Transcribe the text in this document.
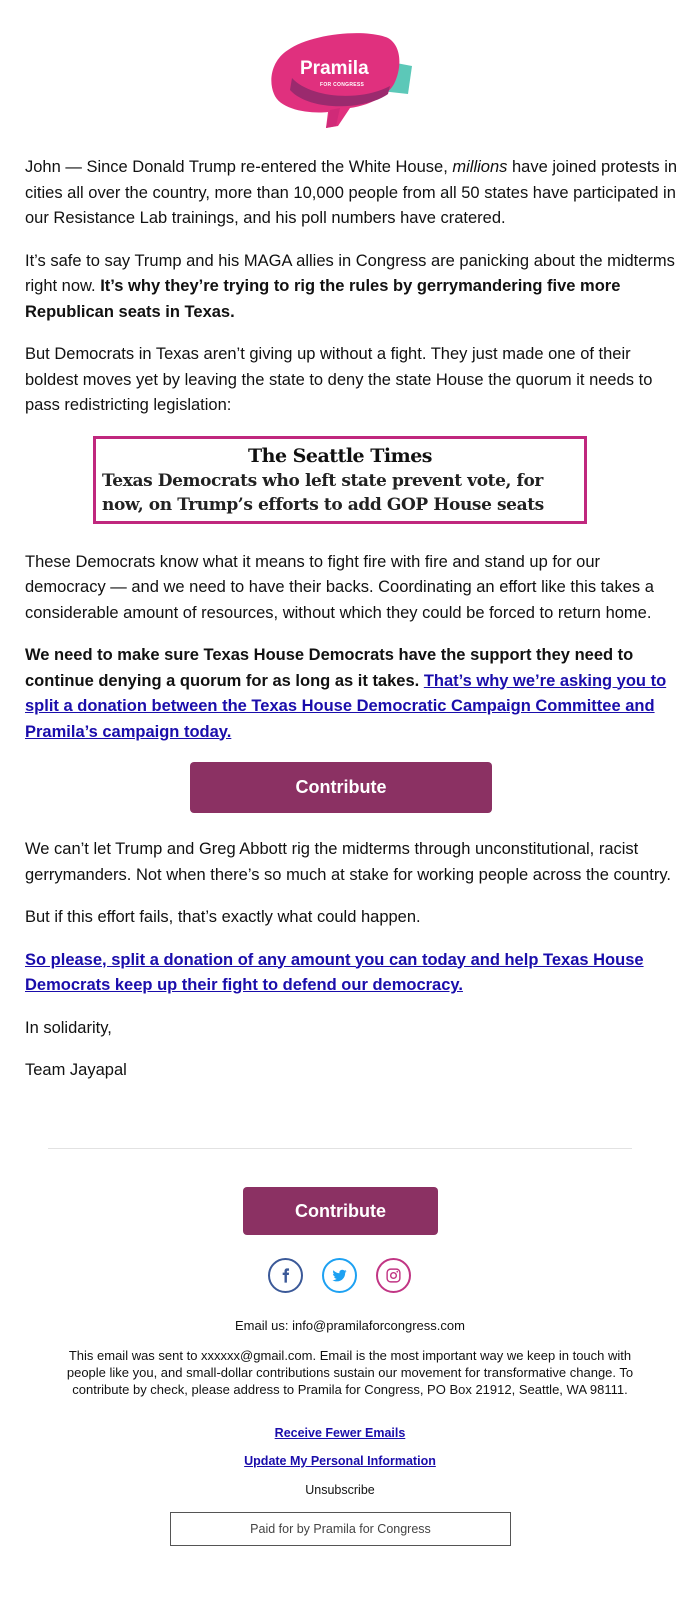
Pramila
FOR CONGRESS

John — Since Donald Trump re-entered the White House, millions have joined protests in cities all over the country, more than 10,000 people from all 50 states have participated in our Resistance Lab trainings, and his poll numbers have cratered.

It’s safe to say Trump and his MAGA allies in Congress are panicking about the midterms right now. It’s why they’re trying to rig the rules by gerrymandering five more Republican seats in Texas.

But Democrats in Texas aren’t giving up without a fight. They just made one of their boldest moves yet by leaving the state to deny the state House the quorum it needs to pass redistricting legislation:

The Seattle Times
Texas Democrats who left state prevent vote, for now, on Trump’s efforts to add GOP House seats

These Democrats know what it means to fight fire with fire and stand up for our democracy — and we need to have their backs. Coordinating an effort like this takes a considerable amount of resources, without which they could be forced to return home.

We need to make sure Texas House Democrats have the support they need to continue denying a quorum for as long as it takes. That’s why we’re asking you to split a donation between the Texas House Democratic Campaign Committee and Pramila’s campaign today.

Contribute

We can’t let Trump and Greg Abbott rig the midterms through unconstitutional, racist gerrymanders. Not when there’s so much at stake for working people across the country.

But if this effort fails, that’s exactly what could happen.

So please, split a donation of any amount you can today and help Texas House Democrats keep up their fight to defend our democracy.

In solidarity,

Team Jayapal

Contribute
Email us: info@pramilaforcongress.com
This email was sent to xxxxxx@gmail.com. Email is the most important way we keep in touch with people like you, and small-dollar contributions sustain our movement for transformative change. To contribute by check, please address to Pramila for Congress, PO Box 21912, Seattle, WA 98111.
Receive Fewer Emails
Update My Personal Information
Unsubscribe
Paid for by Pramila for Congress
